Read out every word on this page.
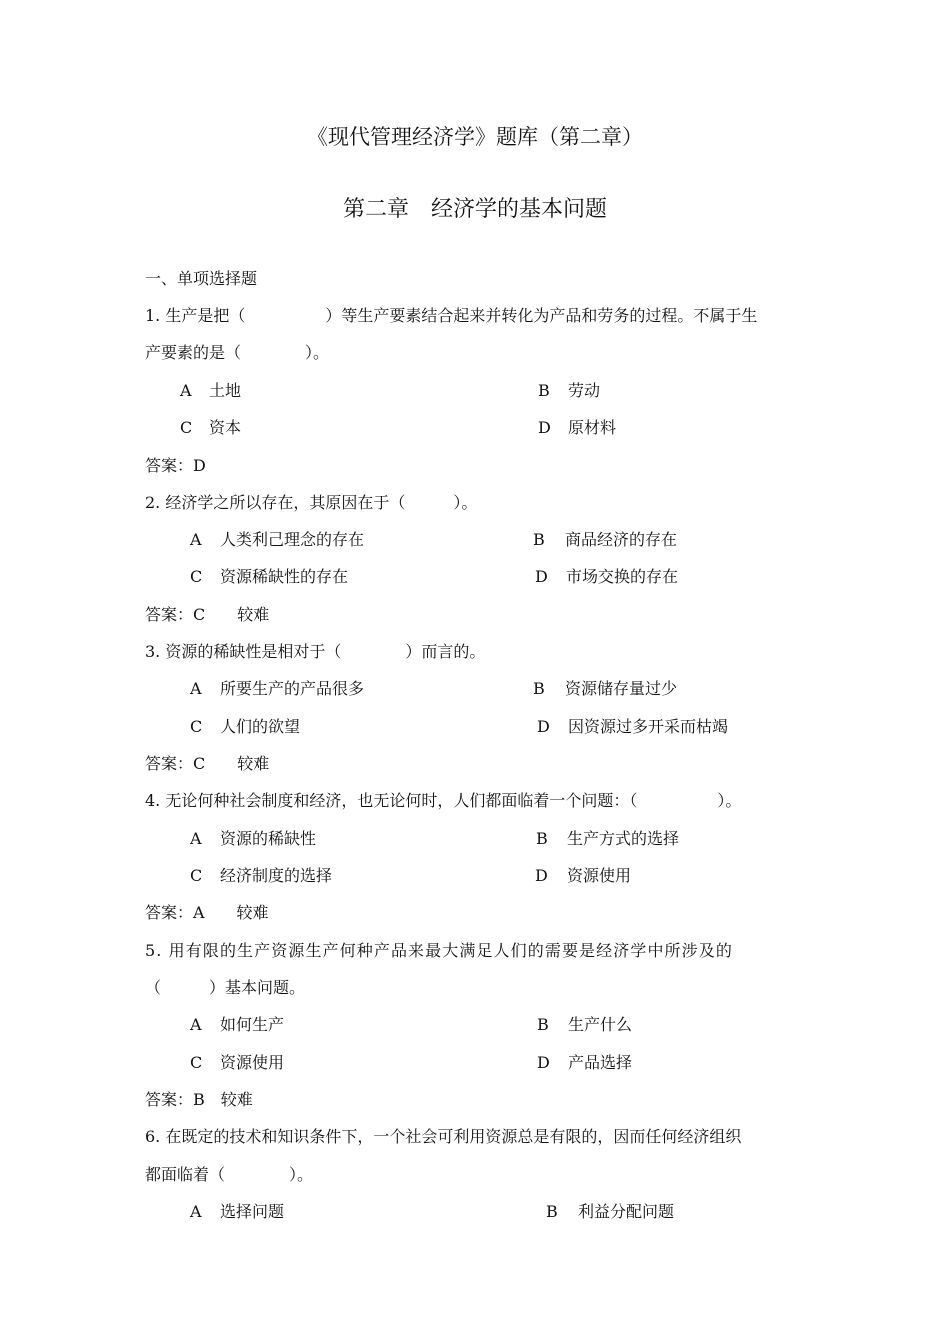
《现代管理经济学》题库（第二章）
第二章　经济学的基本问题
一、单项选择题
1. 生产是把（　　　　　）等生产要素结合起来并转化为产品和劳务的过程。不属于生
产要素的是（　　　　）。
A 土地	B 劳动
C 资本	D 原材料
答案：D
2. 经济学之所以存在，其原因在于（　　　）。
A 人类利己理念的存在	B 商品经济的存在
C 资源稀缺性的存在	D 市场交换的存在
答案：C　　较难
3. 资源的稀缺性是相对于（　　　　）而言的。
A 所要生产的产品很多	B 资源储存量过少
C 人们的欲望	D 因资源过多开采而枯竭
答案：C　　较难
4. 无论何种社会制度和经济，也无论何时，人们都面临着一个问题：（　　　　　）。
A 资源的稀缺性	B 生产方式的选择
C 经济制度的选择	D 资源使用
答案：A　　较难
5. 用有限的生产资源生产何种产品来最大满足人们的需要是经济学中所涉及的
（　　　）基本问题。
A 如何生产	B 生产什么
C 资源使用	D 产品选择
答案：B　较难
6. 在既定的技术和知识条件下，一个社会可利用资源总是有限的，因而任何经济组织
都面临着（　　　　）。
A 选择问题	B 利益分配问题
